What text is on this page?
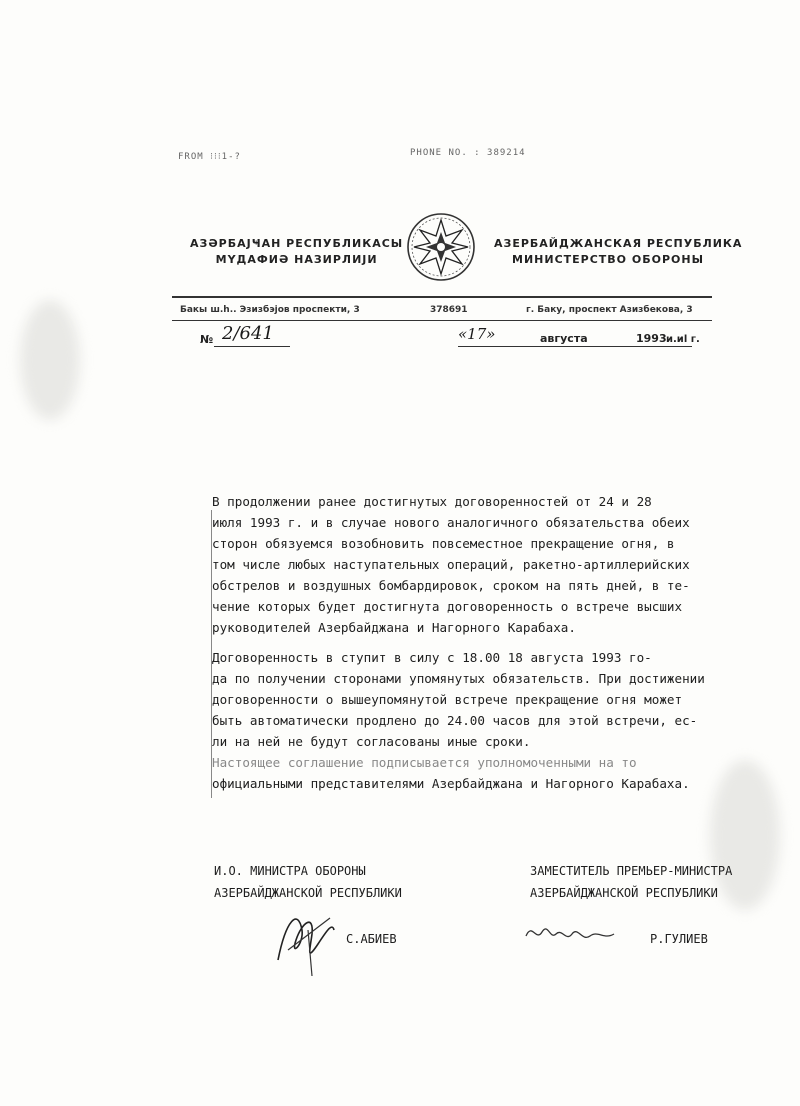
FROM ⁝⁝⁝1-?	PHONE NO. : 389214
АЗӘРБАЈҸАН РЕСПУБЛИКАСЫ
МҮДАФИӘ НАЗИРЛИЈИ
АЗЕРБАЙДЖАНСКАЯ РЕСПУБЛИКА
МИНИСТЕРСТВО ОБОРОНЫ
Бакы ш.h.. Эзизбэјов проспекти, 3	378691	г. Баку, проспект Азизбекова, 3
№ 2/641	«17»	августа	1993 и.иl г.

В продолжении ранее достигнутых договоренностей от 24 и 28

июля 1993 г. и в случае нового аналогичного обязательства обеих

сторон обязуемся возобновить повсеместное прекращение огня, в

том числе любых наступательных операций, ракетно-артиллерийских

обстрелов и воздушных бомбардировок, сроком на пять дней, в те-

чение которых будет достигнута договоренность о встрече высших

руководителей Азербайджана и Нагорного Карабаха.

Договоренность в ступит в силу с 18.00 18 августа 1993 го-

да по получении сторонами упомянутых обязательств. При достижении

договоренности о вышеупомянутой встрече прекращение огня может

быть автоматически продлено до 24.00 часов для этой встречи, ес-

ли на ней не будут согласованы иные сроки.

Настоящее соглашение подписывается уполномоченными на то

официальными представителями Азербайджана и Нагорного Карабаха.

И.О. МИНИСТРА ОБОРОНЫ
АЗЕРБАЙДЖАНСКОЙ РЕСПУБЛИКИ
С.АБИЕВ
ЗАМЕСТИТЕЛЬ ПРЕМЬЕР-МИНИСТРА
АЗЕРБАЙДЖАНСКОЙ РЕСПУБЛИКИ
Р.ГУЛИЕВ
